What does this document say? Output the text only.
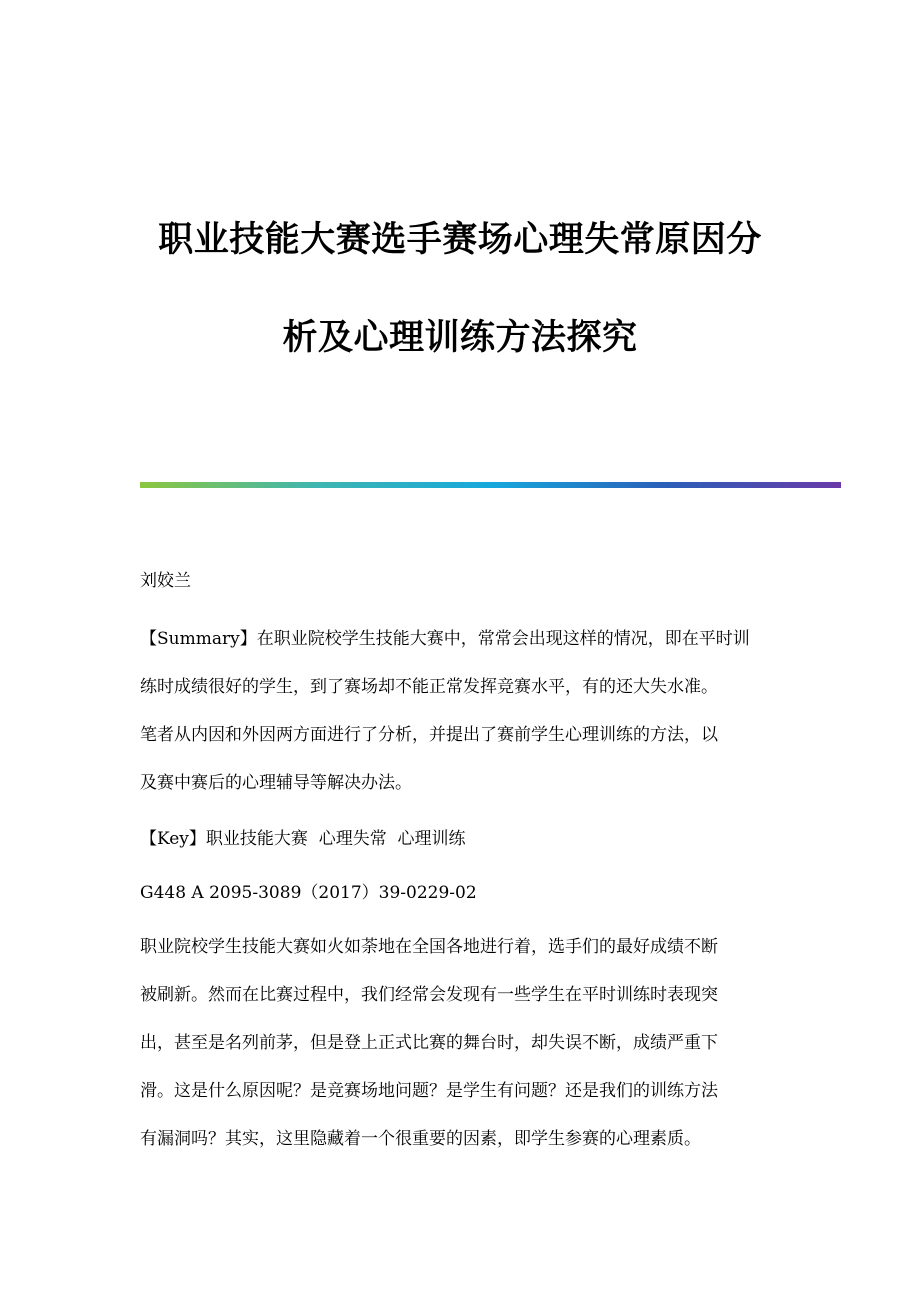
职业技能大赛选手赛场心理失常原因分
析及心理训练方法探究
刘姣兰
【Summary】在职业院校学生技能大赛中，常常会出现这样的情况，即在平时训
练时成绩很好的学生，到了赛场却不能正常发挥竞赛水平，有的还大失水准。
笔者从内因和外因两方面进行了分析，并提出了赛前学生心理训练的方法，以
及赛中赛后的心理辅导等解决办法。
【Key】职业技能大赛  心理失常  心理训练
G448 A 2095-3089（2017）39-0229-02
职业院校学生技能大赛如火如荼地在全国各地进行着，选手们的最好成绩不断
被刷新。然而在比赛过程中，我们经常会发现有一些学生在平时训练时表现突
出，甚至是名列前茅，但是登上正式比赛的舞台时，却失误不断，成绩严重下
滑。这是什么原因呢？是竞赛场地问题？是学生有问题？还是我们的训练方法
有漏洞吗？其实，这里隐藏着一个很重要的因素，即学生参赛的心理素质。
